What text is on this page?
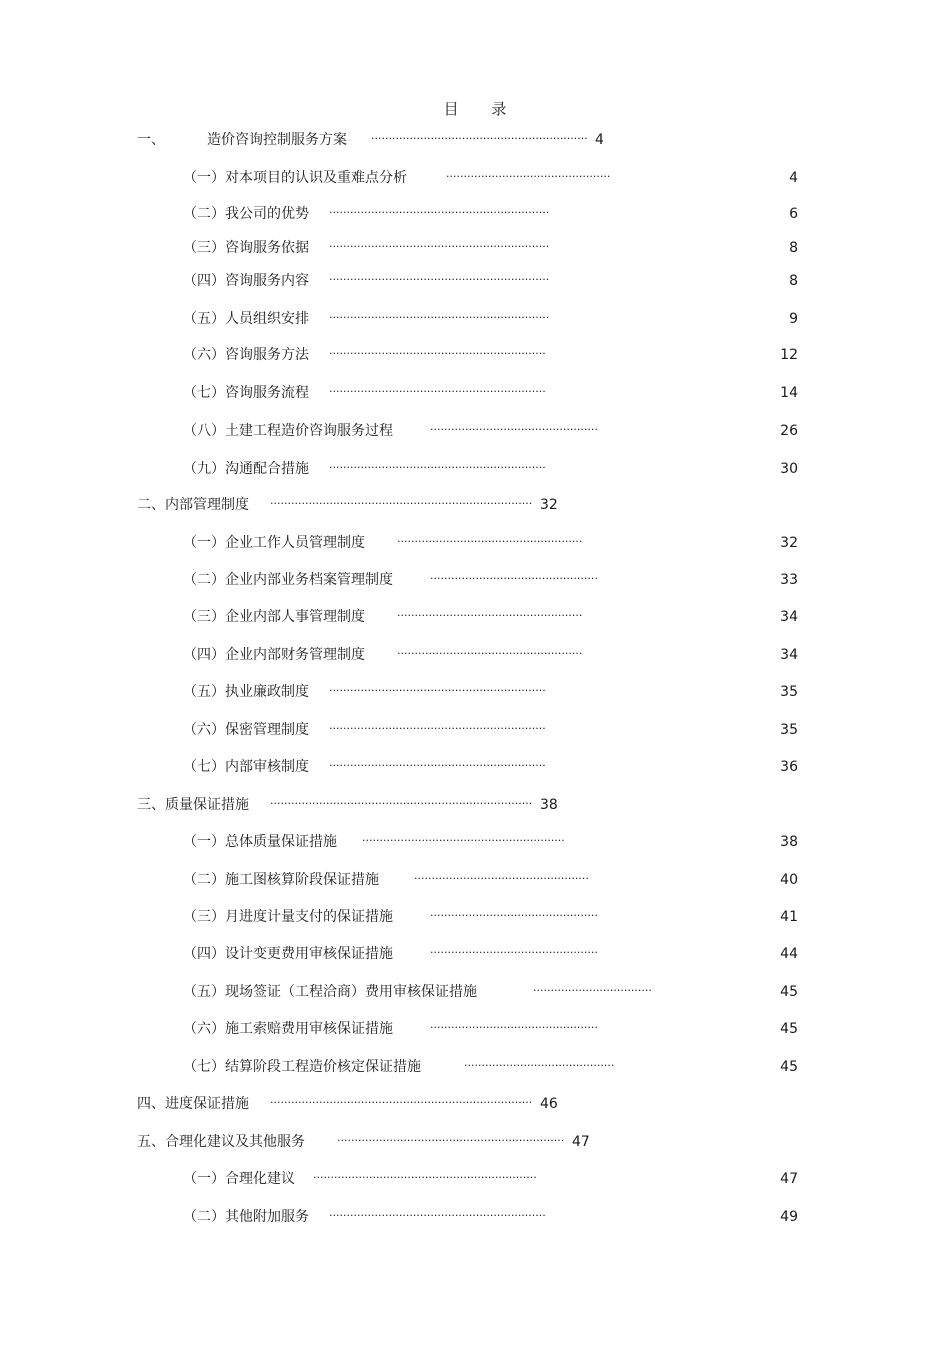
目 录
一、	造价咨询控制服务方案 .............................................................. 4
（一）对本项目的认识及重难点分析	...............................................	4
（二）我公司的优势 ...............................................................	6
（三）咨询服务依据 ...............................................................	8
（四）咨询服务内容 ...............................................................	8
（五）人员组织安排 ...............................................................	9
（六）咨询服务方法 ..............................................................	12
（七）咨询服务流程 ..............................................................	14
（八）土建工程造价咨询服务过程	................................................	26
（九）沟通配合措施 ..............................................................	30
二、内部管理制度 ........................................................................... 32
（一）企业工作人员管理制度	.....................................................	32
（二）企业内部业务档案管理制度	................................................	33
（三）企业内部人事管理制度	.....................................................	34
（四）企业内部财务管理制度	.....................................................	34
（五）执业廉政制度 ..............................................................	35
（六）保密管理制度 ..............................................................	35
（七）内部审核制度 ..............................................................	36
三、质量保证措施 ........................................................................... 38
（一）总体质量保证措施 ..........................................................	38
（二）施工图核算阶段保证措施	..................................................	40
（三）月进度计量支付的保证措施	................................................	41
（四）设计变更费用审核保证措施	................................................	44
（五）现场签证（工程洽商）费用审核保证措施	..................................	45
（六）施工索赔费用审核保证措施	................................................	45
（七）结算阶段工程造价核定保证措施	...........................................	45
四、进度保证措施 ........................................................................... 46
五、合理化建议及其他服务	................................................................. 47
（一）合理化建议 ................................................................	47
（二）其他附加服务 ..............................................................	49
